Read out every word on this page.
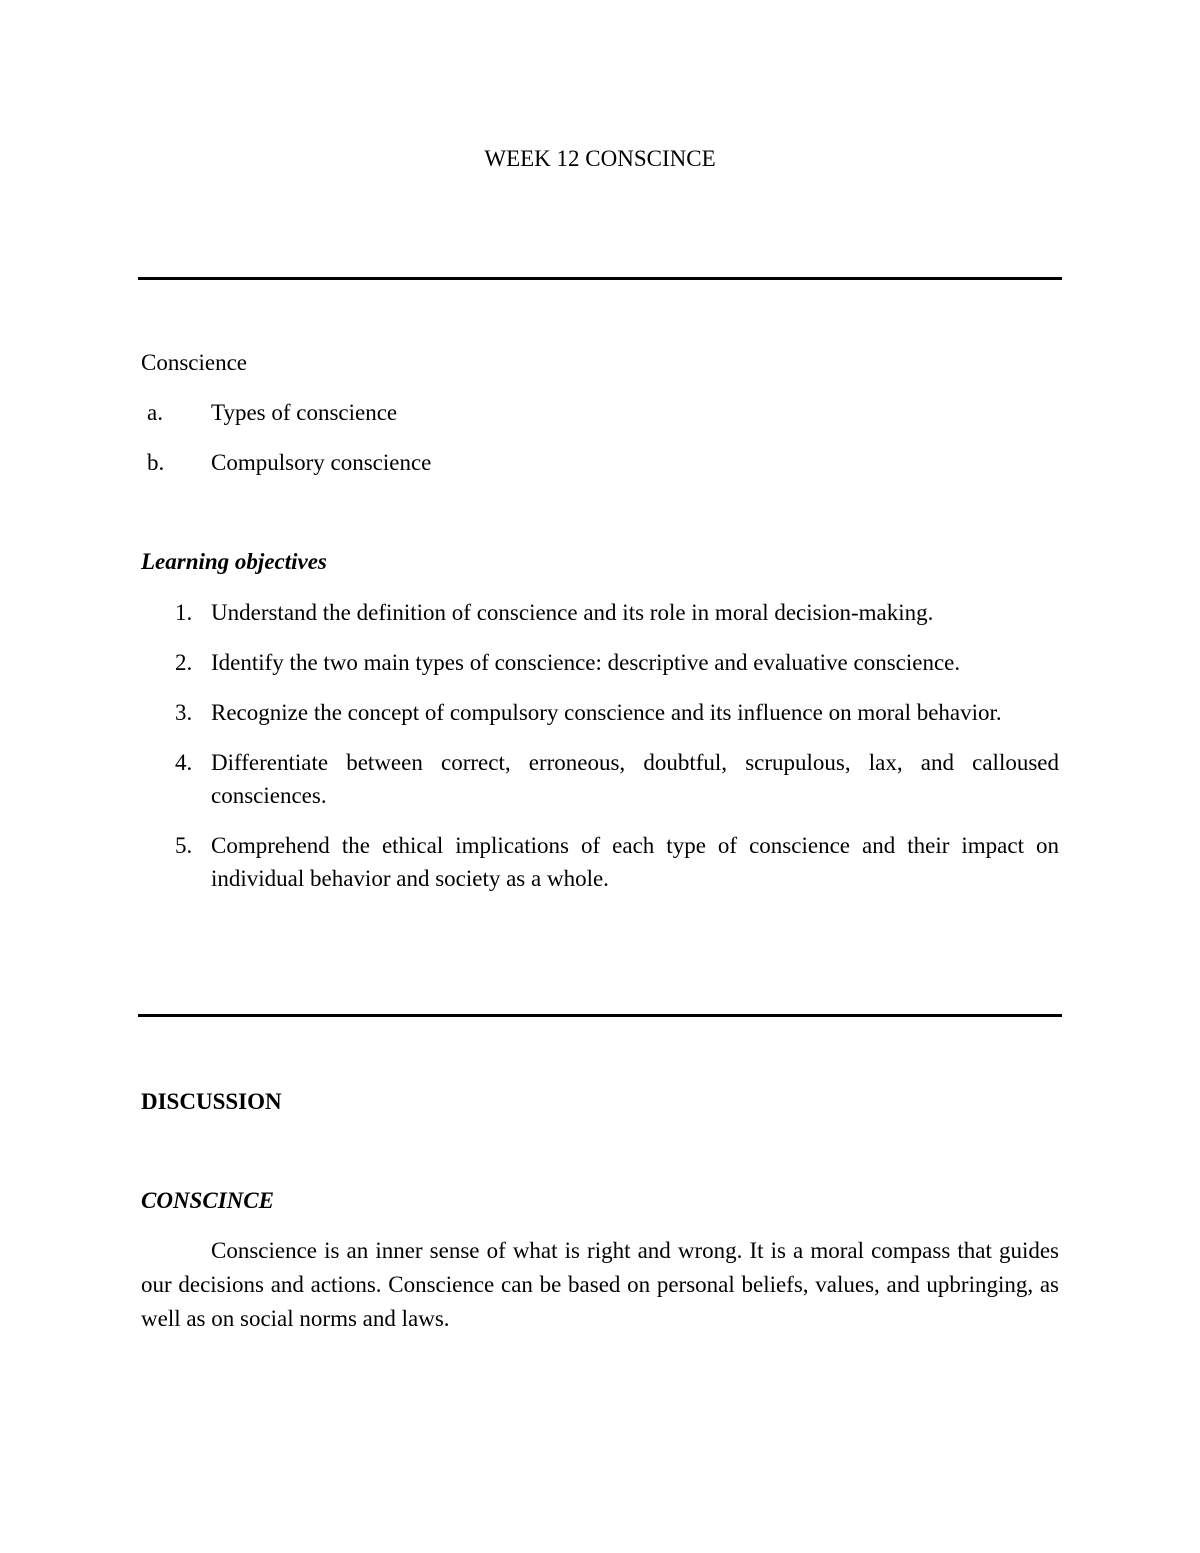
WEEK 12 CONSCINCE
Conscience
a. Types of conscience
b. Compulsory conscience
Learning objectives
1. Understand the definition of conscience and its role in moral decision-making.
2. Identify the two main types of conscience: descriptive and evaluative conscience.
3. Recognize the concept of compulsory conscience and its influence on moral behavior.
4. Differentiate between correct, erroneous, doubtful, scrupulous, lax, and calloused consciences.
5. Comprehend the ethical implications of each type of conscience and their impact on individual behavior and society as a whole.
DISCUSSION
CONSCINCE

Conscience is an inner sense of what is right and wrong. It is a moral compass that guides our decisions and actions. Conscience can be based on personal beliefs, values, and upbringing, as well as on social norms and laws.
